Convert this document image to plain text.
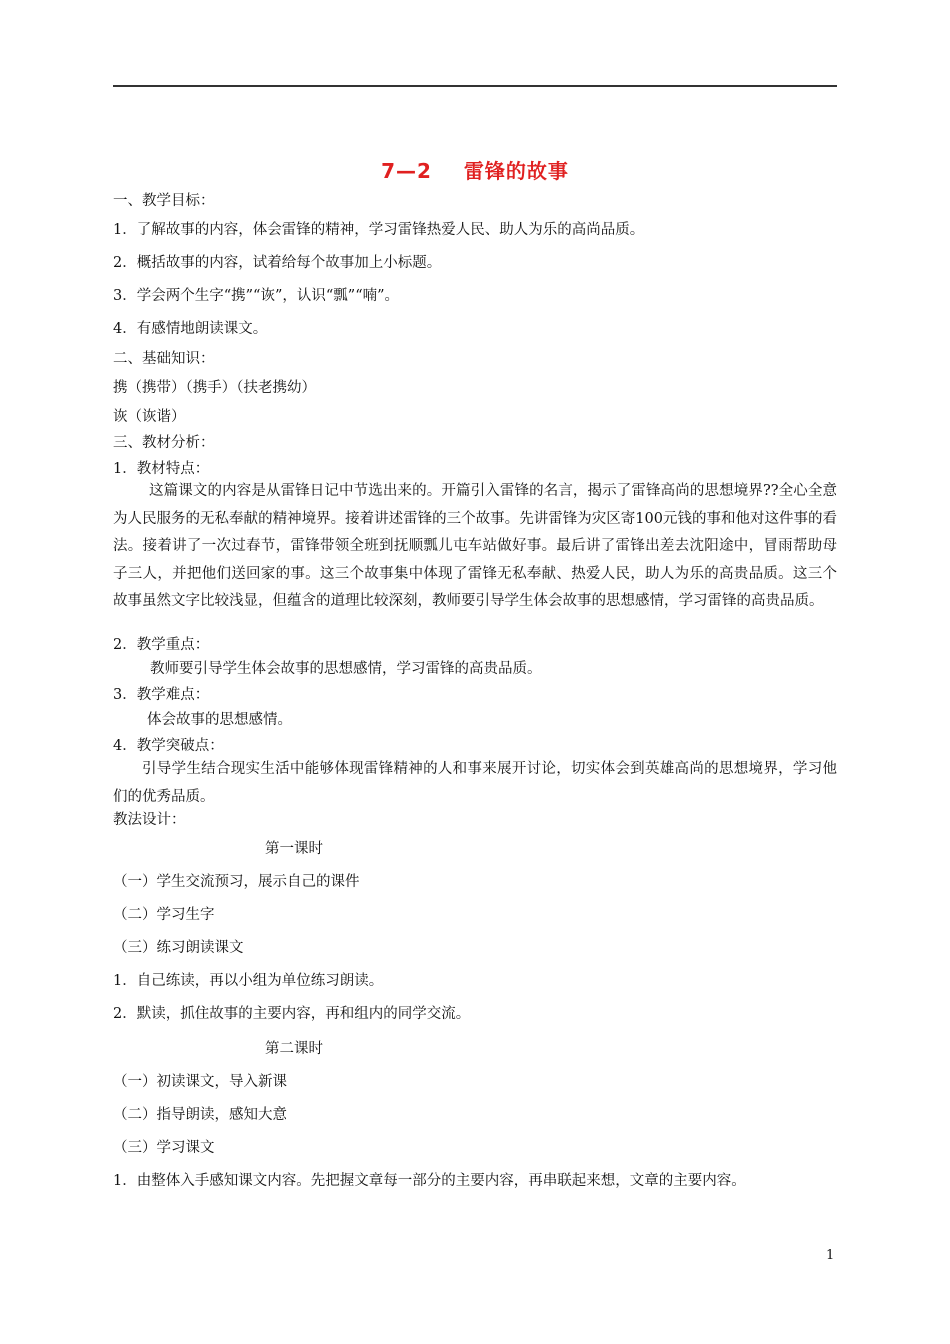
7—2 雷锋的故事
一、教学目标：
1．了解故事的内容，体会雷锋的精神，学习雷锋热爱人民、助人为乐的高尚品质。
2．概括故事的内容，试着给每个故事加上小标题。
3．学会两个生字“携”“诙”，认识“瓢”“喃”。
4．有感情地朗读课文。
二、基础知识：
携（携带）（携手）（扶老携幼）
诙（诙谐）
三、教材分析：
1．教材特点：
这篇课文的内容是从雷锋日记中节选出来的。开篇引入雷锋的名言，揭示了雷锋高尚的思想境界??全心全意为人民服务的无私奉献的精神境界。接着讲述雷锋的三个故事。先讲雷锋为灾区寄100元钱的事和他对这件事的看法。接着讲了一次过春节，雷锋带领全班到抚顺瓢儿屯车站做好事。最后讲了雷锋出差去沈阳途中，冒雨帮助母子三人，并把他们送回家的事。这三个故事集中体现了雷锋无私奉献、热爱人民，助人为乐的高贵品质。这三个故事虽然文字比较浅显，但蕴含的道理比较深刻，教师要引导学生体会故事的思想感情，学习雷锋的高贵品质。
2．教学重点：
教师要引导学生体会故事的思想感情，学习雷锋的高贵品质。
3．教学难点：
体会故事的思想感情。
4．教学突破点：
引导学生结合现实生活中能够体现雷锋精神的人和事来展开讨论，切实体会到英雄高尚的思想境界，学习他们的优秀品质。
教法设计：
第一课时
（一）学生交流预习，展示自己的课件
（二）学习生字
（三）练习朗读课文
1．自己练读，再以小组为单位练习朗读。
2．默读，抓住故事的主要内容，再和组内的同学交流。
第二课时
（一）初读课文，导入新课
（二）指导朗读，感知大意
（三）学习课文
1．由整体入手感知课文内容。先把握文章每一部分的主要内容，再串联起来想，文章的主要内容。
1
